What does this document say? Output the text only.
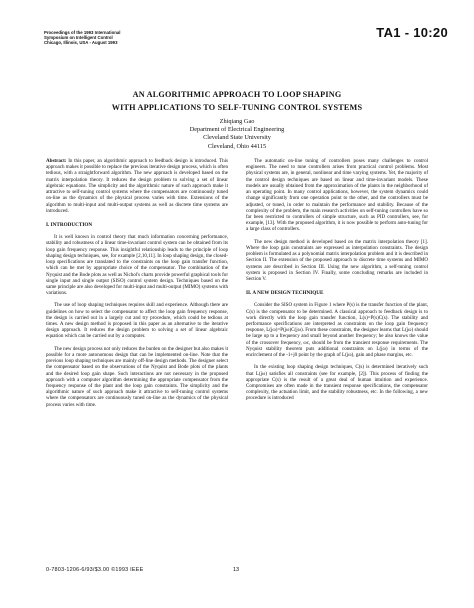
Proceedings of the 1993 International
Symposium on Intelligent Control
Chicago, Illinois, USA - August 1993
TA1 - 10:20
AN ALGORITHMIC APPROACH TO LOOP SHAPING
WITH APPLICATIONS TO SELF-TUNING CONTROL SYSTEMS
Zhiqiang Gao
Department of Electrical Engineering
Cleveland State University
Cleveland, Ohio 44115

Abstract: In this paper, an algorithmic approach to feedback design is introduced. This approach makes it possible to replace the previous iterative design process, which is often tedious, with a straightforward algorithm. The new approach is developed based on the matrix interpolation theory. It reduces the design problem to solving a set of linear algebraic equations. The simplicity and the algorithmic nature of such approach make it attractive to self-tuning control systems where the compensators are continuously tuned on-line as the dynamics of the physical process varies with time. Extensions of the algorithm to multi-input and multi-output systems as well as discrete time systems are introduced.

I. INTRODUCTION

It is well known in control theory that much information concerning performance, stability and robustness of a linear time-invariant control system can be obtained from its loop gain frequency response. This insightful relationship leads to the principle of loop shaping design techniques, see, for example [2,10,11]. In loop shaping design, the closed-loop specifications are translated to the constraints on the loop gain transfer function, which can be met by appropriate choice of the compensator. The combination of the Nyquist and the Bode plots as well as Nichol's charts provide powerful graphical tools for single input and single output (SISO) control system design. Techniques based on the same principle are also developed for multi-input and multi-output (MIMO) systems with variations.

The use of loop shaping techniques requires skill and experience. Although there are guidelines on how to select the compensator to affect the loop gain frequency response, the design is carried out in a largely cut and try procedure, which could be tedious at times. A new design method is proposed in this paper as an alternative to the iterative design approach. It reduces the design problem to solving a set of linear algebraic equation which can be carried out by a computer.

The new design process not only reduces the burden on the designer but also makes it possible for a more autonomous design that can be implemented on-line. Note that the previous loop shaping techniques are mainly off-line design methods. The designer select the compensator based on the observations of the Nyquist and Bode plots of the plants and the desired loop gain shape. Such interactions are not necessary in the proposed approach with a computer algorithm determining the appropriate compensator from the frequency response of the plant and the loop gain constraints. The simplicity and the algorithmic nature of such approach make it attractive to self-tuning control systems where the compensators are continuously tuned on-line as the dynamics of the physical process varies with time.

The automatic on-line tuning of controllers poses many challenges to control engineers. The need to tune controllers arises from practical control problems. Most physical systems are, in general, nonlinear and time varying systems. Yet, the majority of the control design techniques are based on linear and time-invariant models. These models are usually obtained from the approximation of the plants in the neighborhood of an operating point. In many control applications, however, the system dynamics could change significantly from one operation point to the other, and the controllers must be adjusted, or tuned, in order to maintain the performance and stability. Because of the complexity of the problem, the main research activities on self-tuning controllers have so far been restricted to controllers of simple structure, such as PID controllers, see, for example, [13]. With the proposed algorithm, it is now possible to perform auto-tuning for a large class of controllers.

The new design method is developed based on the matrix interpolation theory [1]. Where the loop gain constraints are expressed as interpolation constraints. The design problem is formulated as a polynomial matrix interpolation problem and it is described in Section II. The extension of the proposed approach to discrete time systems and MIMO systems are described in Section III. Using the new algorithm, a self-tuning control system is proposed in Section IV. Finally, some concluding remarks are included in Section V.

II. A NEW DESIGN TECHNIQUE

Consider the SISO system in Figure 1 where P(s) is the transfer function of the plant, C(s) is the compensator to be determined. A classical approach to feedback design is to work directly with the loop gain transfer function, L(s)=P(s)C(s). The stability and performance specifications are interpreted as constraints on the loop gain frequency response, L(jω)=P(jω)C(jω). From these constraints, the designer learns that L(jω) should be large up to a frequency and small beyond another frequency; he also knows the value of the crossover frequency, ωc, should be from the transient response requirements. The Nyquist stability theorem puts additional constraints on L(jω) in terms of the encirclement of the -1+j0 point by the graph of L(jω), gain and phase margins, etc.

In the existing loop shaping design techniques, C(s) is determined iteratively such that L(jω) satisfies all constraints (see for example, [2]). This process of finding the appropriate C(s) is the result of a great deal of human intuition and experience. Compromises are often made in the transient response specifications, the compensator complexity, the actuation limit, and the stability robustness, etc. In the following, a new procedure is introduced

0-7803-1206-6/93/$3.00 ©1993 IEEE	13
